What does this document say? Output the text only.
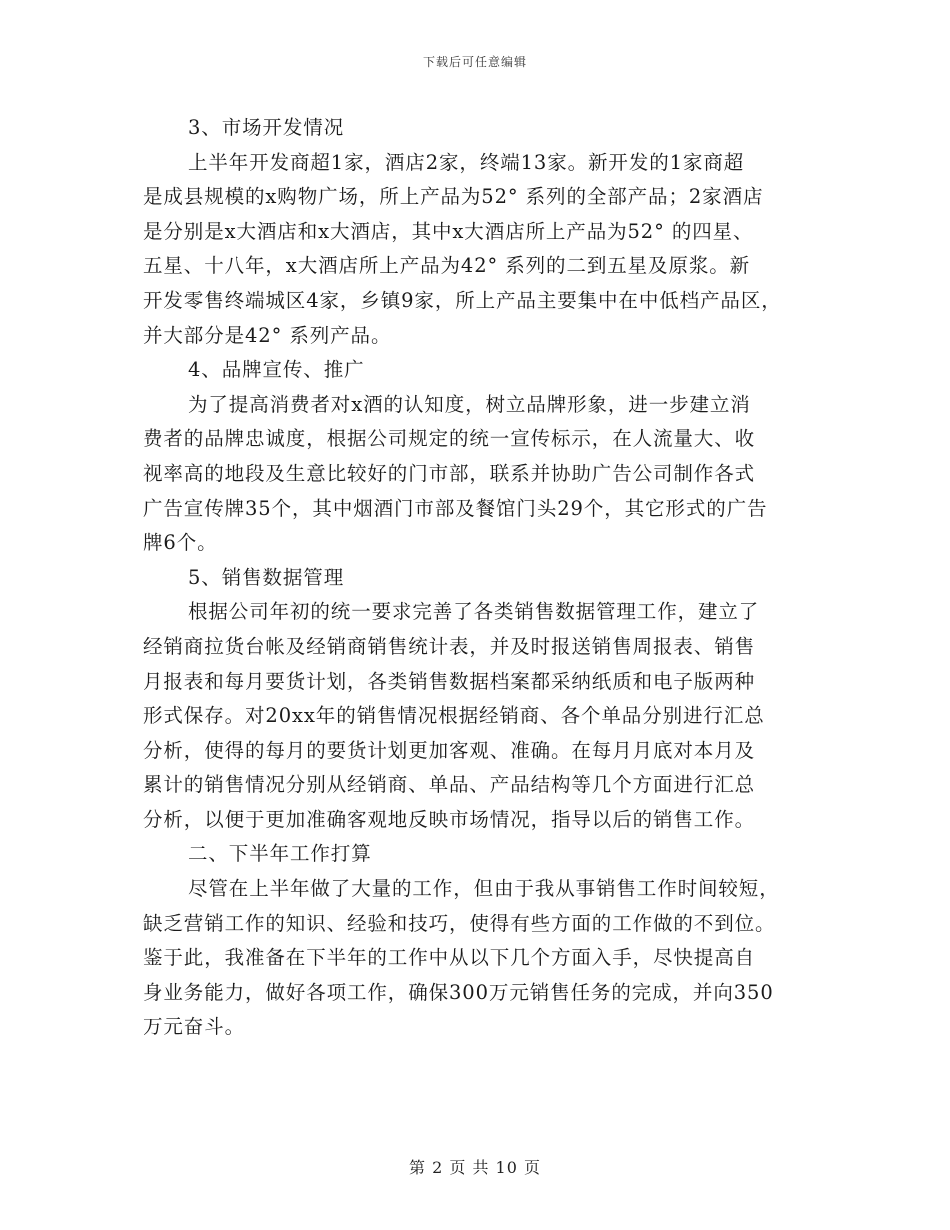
下载后可任意编辑
3、市场开发情况
上半年开发商超1家，酒店2家，终端13家。新开发的1家商超
是成县规模的x购物广场，所上产品为52° 系列的全部产品；2家酒店
是分别是x大酒店和x大酒店，其中x大酒店所上产品为52° 的四星、
五星、十八年，x大酒店所上产品为42° 系列的二到五星及原浆。新
开发零售终端城区4家，乡镇9家，所上产品主要集中在中低档产品区，
并大部分是42° 系列产品。
4、品牌宣传、推广
为了提高消费者对x酒的认知度，树立品牌形象，进一步建立消
费者的品牌忠诚度，根据公司规定的统一宣传标示，在人流量大、收
视率高的地段及生意比较好的门市部，联系并协助广告公司制作各式
广告宣传牌35个，其中烟酒门市部及餐馆门头29个，其它形式的广告
牌6个。
5、销售数据管理
根据公司年初的统一要求完善了各类销售数据管理工作，建立了
经销商拉货台帐及经销商销售统计表，并及时报送销售周报表、销售
月报表和每月要货计划，各类销售数据档案都采纳纸质和电子版两种
形式保存。对20xx年的销售情况根据经销商、各个单品分别进行汇总
分析，使得的每月的要货计划更加客观、准确。在每月月底对本月及
累计的销售情况分别从经销商、单品、产品结构等几个方面进行汇总
分析，以便于更加准确客观地反映市场情况，指导以后的销售工作。
二、下半年工作打算
尽管在上半年做了大量的工作，但由于我从事销售工作时间较短，
缺乏营销工作的知识、经验和技巧，使得有些方面的工作做的不到位。
鉴于此，我准备在下半年的工作中从以下几个方面入手，尽快提高自
身业务能力，做好各项工作，确保300万元销售任务的完成，并向350
万元奋斗。
第 2 页 共 10 页
